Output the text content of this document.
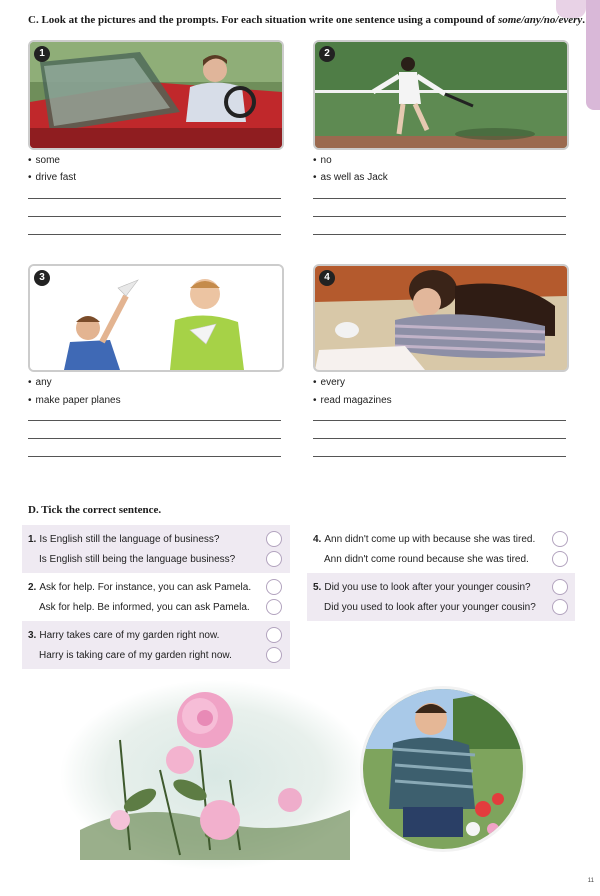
C. Look at the pictures and the prompts. For each situation write one sentence using a compound of some/any/no/every.
1	2
• some
• drive fast
• no
• as well as Jack
3	4
• any
• make paper planes
• every
• read magazines
D. Tick the correct sentence.
1. Is English still the language of business?
Is English still being the language business?
2. Ask for help. For instance, you can ask Pamela.
Ask for help. Be informed, you can ask Pamela.
3. Harry takes care of my garden right now.
Harry is taking care of my garden right now.
4. Ann didn't come up with because she was tired.
Ann didn't come round because she was tired.
5. Did you use to look after your younger cousin?
Did you used to look after your younger cousin?
11
